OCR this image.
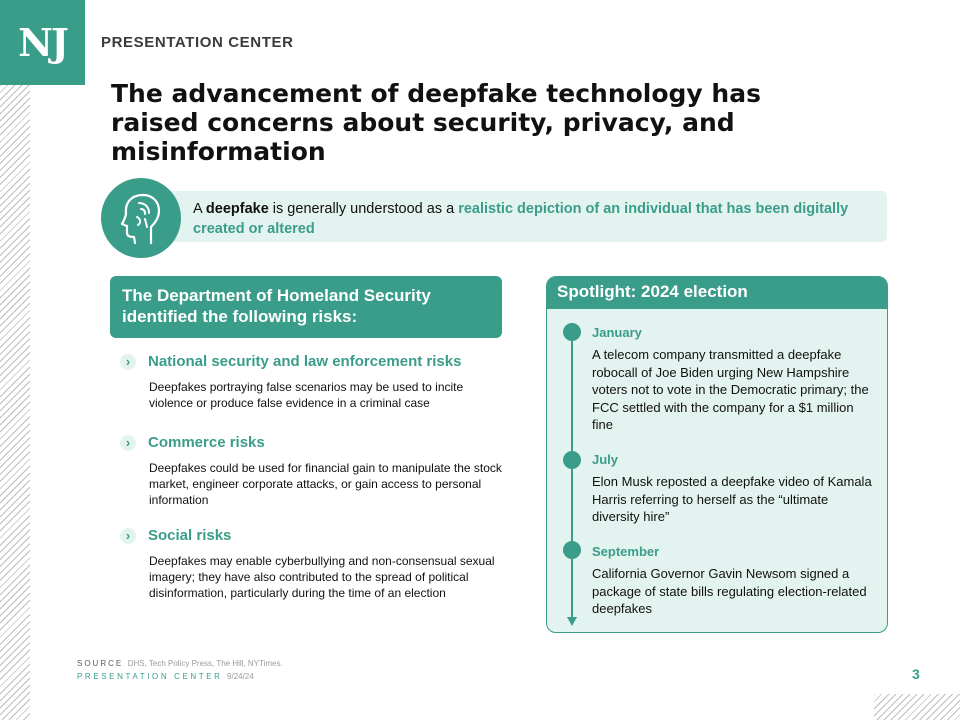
NJ	PRESENTATION CENTER
The advancement of deepfake technology has raised concerns about security, privacy, and misinformation

A deepfake is generally understood as a realistic depiction of an individual that has been digitally created or altered

The Department of Homeland Security identified the following risks:
›	National security and law enforcement risks

Deepfakes portraying false scenarios may be used to incite violence or produce false evidence in a criminal case

›	Commerce risks

Deepfakes could be used for financial gain to manipulate the stock market, engineer corporate attacks, or gain access to personal information

›	Social risks

Deepfakes may enable cyberbullying and non-consensual sexual imagery; they have also contributed to the spread of political disinformation, particularly during the time of an election

Spotlight: 2024 election
January
A telecom company transmitted a deepfake robocall of Joe Biden urging New Hampshire voters not to vote in the Democratic primary; the FCC settled with the company for a $1 million fine
July
Elon Musk reposted a deepfake video of Kamala Harris referring to herself as the “ultimate diversity hire”
September
California Governor Gavin Newsom signed a package of state bills regulating election-related deepfakes
SOURCE DHS, Tech Policy Press, The Hill, NYTimes.
PRESENTATION CENTER 9/24/24	3
